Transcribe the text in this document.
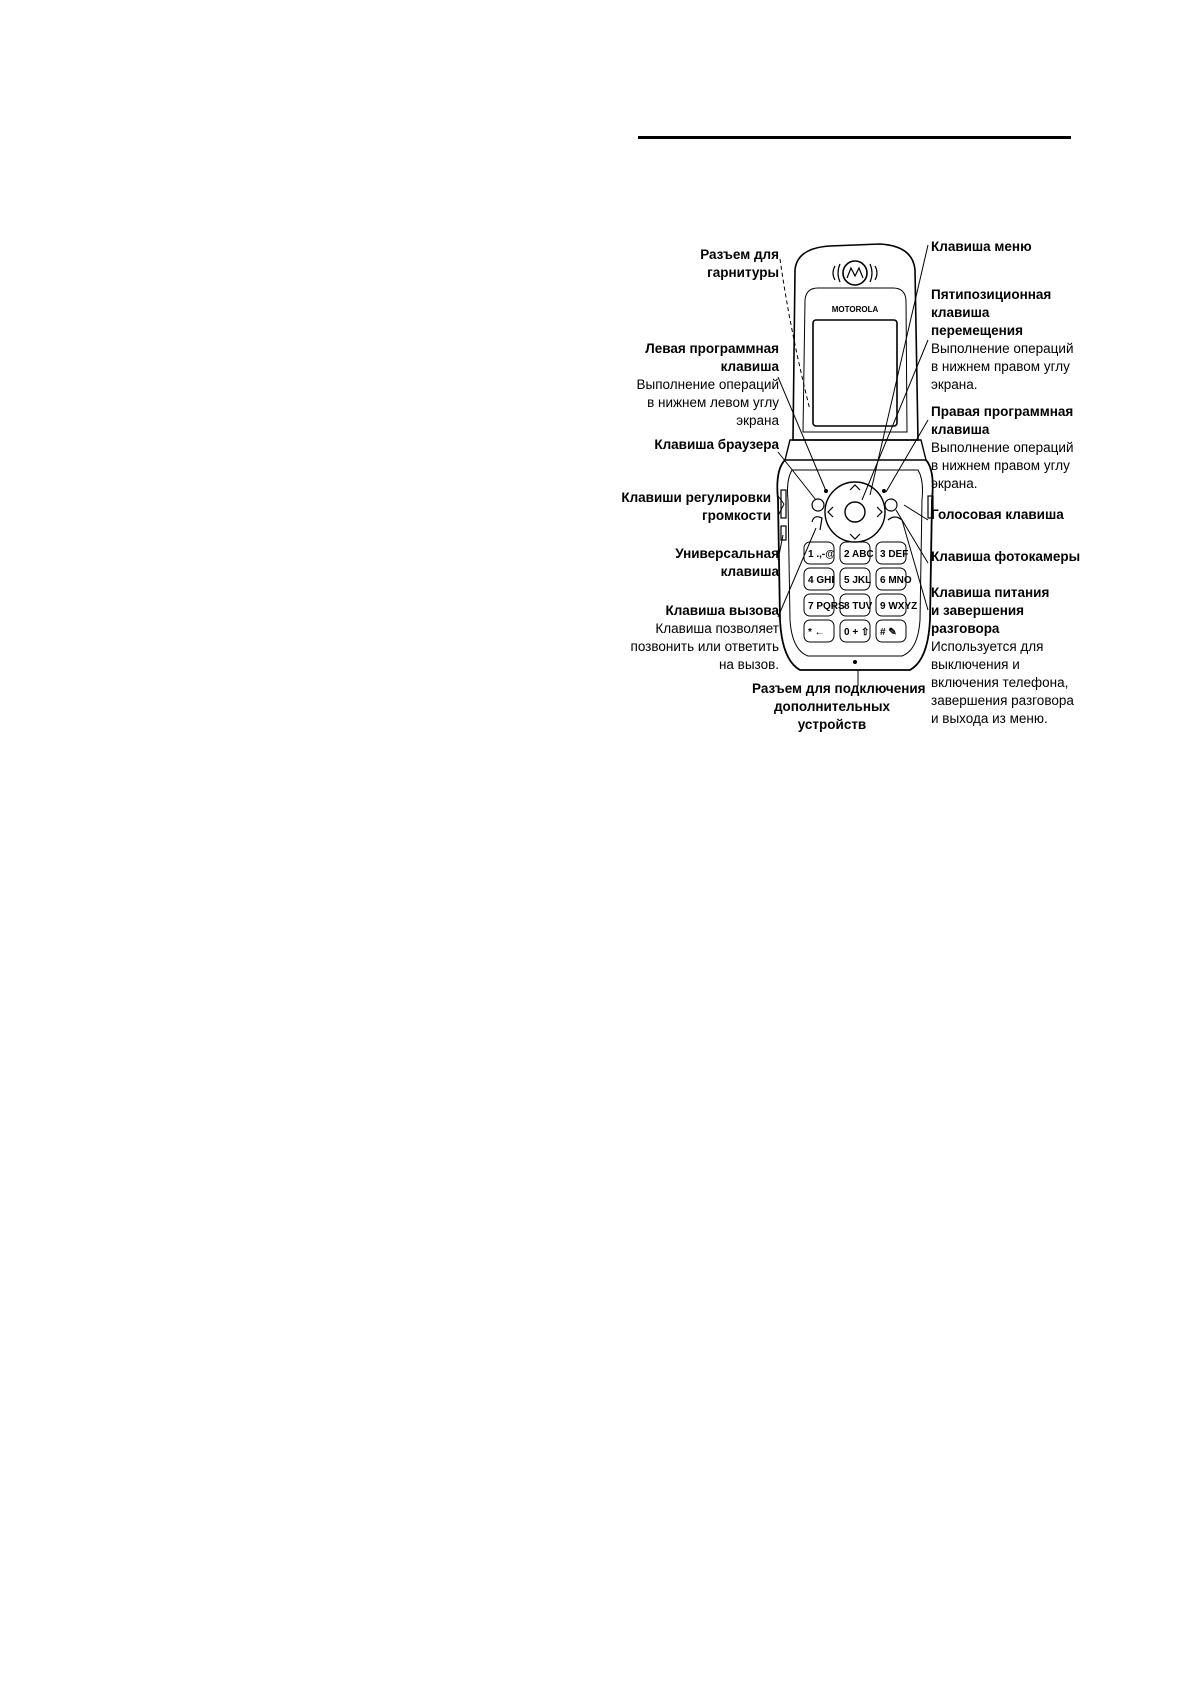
MOTOROLA
1 .,-@ 2 ABC 3 DEF
4 GHI 5 JKL 6 MNO
7 PQRS 8 TUV 9 WXYZ
* ← 0 + ⇧ # ✎
Разъем для
гарнитуры
Левая программная
клавиша
Выполнение операций
в нижнем левом углу
экрана
Клавиша браузера
Клавиши регулировки
громкости
Универсальная
клавиша
Клавиша вызова
Клавиша позволяет
позвонить или ответить
на вызов.
Разъем для подключения
дополнительных
устройств
Клавиша меню
Пятипозиционная
клавиша
перемещения
Выполнение операций
в нижнем правом углу
экрана.
Правая программная
клавиша
Выполнение операций
в нижнем правом углу
экрана.
Голосовая клавиша
Клавиша фотокамеры
Клавиша питания
и завершения
разговора
Используется для
выключения и
включения телефона,
завершения разговора
и выхода из меню.
